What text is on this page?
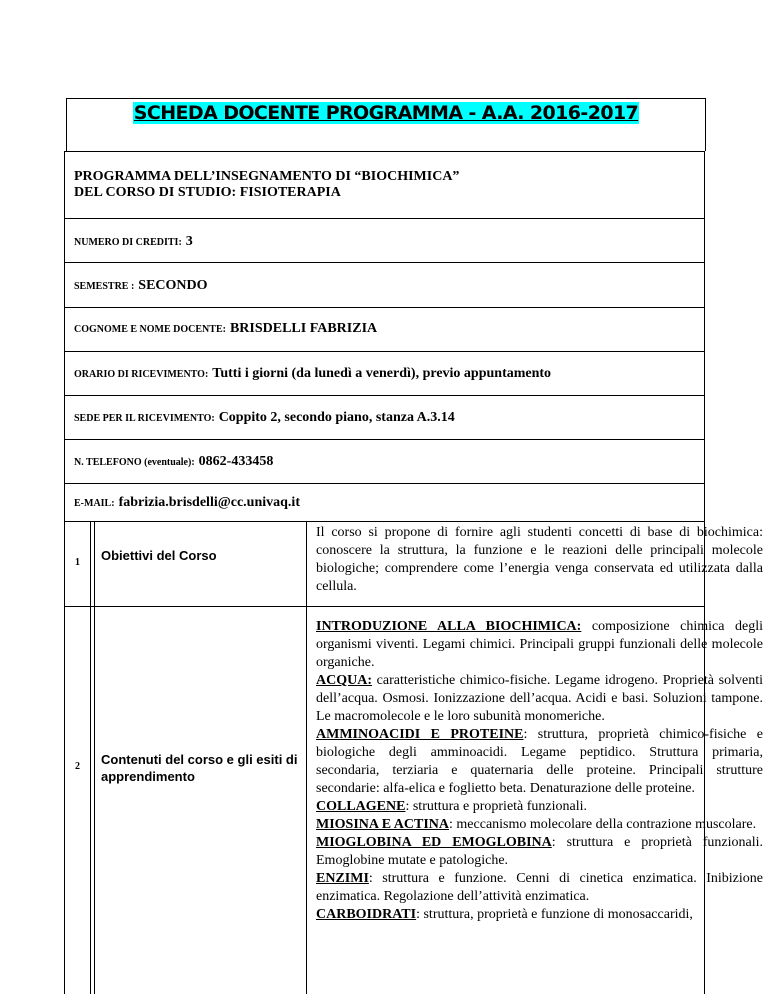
SCHEDA DOCENTE PROGRAMMA - A.A. 2016-2017
PROGRAMMA DELL’INSEGNAMENTO DI “BIOCHIMICA”
DEL CORSO DI STUDIO: FISIOTERAPIA
NUMERO DI CREDITI: 3
SEMESTRE : SECONDO
COGNOME E NOME DOCENTE: BRISDELLI FABRIZIA
ORARIO DI RICEVIMENTO: Tutti i giorni (da lunedì a venerdì), previo appuntamento
SEDE PER IL RICEVIMENTO: Coppito 2, secondo piano, stanza A.3.14
N. TELEFONO (eventuale): 0862-433458
E-MAIL: fabrizia.brisdelli@cc.univaq.it
1 Obiettivi del Corso
Il corso si propone di fornire agli studenti concetti di base di biochimica: conoscere la struttura, la funzione e le reazioni delle principali molecole biologiche; comprendere come l’energia venga conservata ed utilizzata dalla cellula.
2 Contenuti del corso e gli esiti di apprendimento

INTRODUZIONE ALLA BIOCHIMICA: composizione chimica degli organismi viventi. Legami chimici. Principali gruppi funzionali delle molecole organiche.

ACQUA: caratteristiche chimico-fisiche. Legame idrogeno. Proprietà solventi dell’acqua. Osmosi. Ionizzazione dell’acqua. Acidi e basi. Soluzioni tampone. Le macromolecole e le loro subunità monomeriche.

AMMINOACIDI E PROTEINE: struttura, proprietà chimico-fisiche e biologiche degli amminoacidi. Legame peptidico. Struttura primaria, secondaria, terziaria e quaternaria delle proteine. Principali strutture secondarie: alfa-elica e foglietto beta. Denaturazione delle proteine.

COLLAGENE: struttura e proprietà funzionali.

MIOSINA E ACTINA: meccanismo molecolare della contrazione muscolare.

MIOGLOBINA ED EMOGLOBINA: struttura e proprietà funzionali. Emoglobine mutate e patologiche.

ENZIMI: struttura e funzione. Cenni di cinetica enzimatica. Inibizione enzimatica. Regolazione dell’attività enzimatica.

CARBOIDRATI: struttura, proprietà e funzione di monosaccaridi,
